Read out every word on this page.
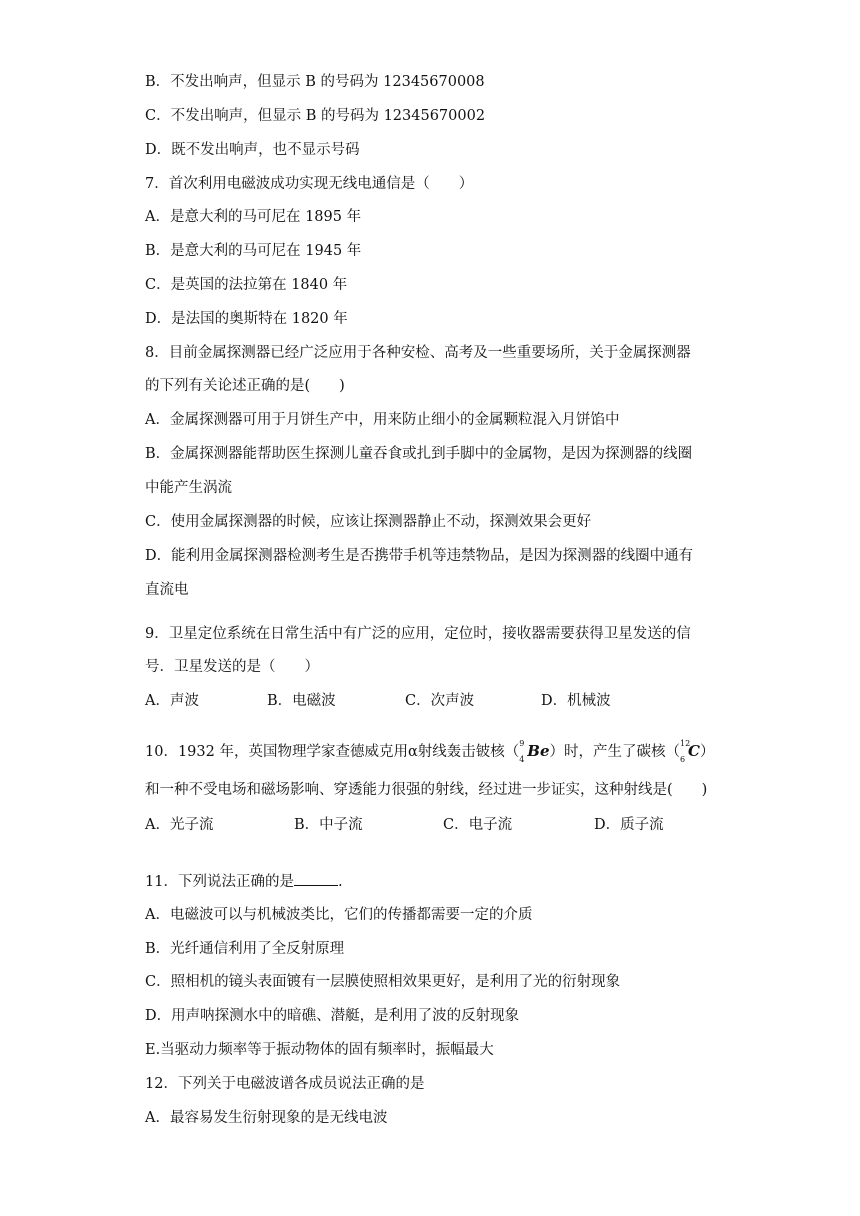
B．不发出响声，但显示 B 的号码为 12345670008
C．不发出响声，但显示 B 的号码为 12345670002
D．既不发出响声，也不显示号码
7．首次利用电磁波成功实现无线电通信是（　　）
A．是意大利的马可尼在 1895 年
B．是意大利的马可尼在 1945 年
C．是英国的法拉第在 1840 年
D．是法国的奥斯特在 1820 年
8．目前金属探测器已经广泛应用于各种安检、高考及一些重要场所，关于金属探测器
的下列有关论述正确的是(　　)
A．金属探测器可用于月饼生产中，用来防止细小的金属颗粒混入月饼馅中
B．金属探测器能帮助医生探测儿童吞食或扎到手脚中的金属物，是因为探测器的线圈
中能产生涡流
C．使用金属探测器的时候，应该让探测器静止不动，探测效果会更好
D．能利用金属探测器检测考生是否携带手机等违禁物品，是因为探测器的线圈中通有
直流电
9．卫星定位系统在日常生活中有广泛的应用，定位时，接收器需要获得卫星发送的信
号．卫星发送的是（　　）
A．声波	B．电磁波	C．次声波	D．机械波
10．1932 年，英国物理学家查德威克用α射线轰击铍核（
9
4 Be）时，产生了碳核（
12
6 C）
和一种不受电场和磁场影响、穿透能力很强的射线，经过进一步证实，这种射线是(　　)
A．光子流	B．中子流	C．电子流	D．质子流
11．下列说法正确的是	.
A．电磁波可以与机械波类比，它们的传播都需要一定的介质
B．光纤通信利用了全反射原理
C．照相机的镜头表面镀有一层膜使照相效果更好，是利用了光的衍射现象
D．用声呐探测水中的暗礁、潜艇，是利用了波的反射现象
E.当驱动力频率等于振动物体的固有频率时，振幅最大
12．下列关于电磁波谱各成员说法正确的是
A．最容易发生衍射现象的是无线电波
